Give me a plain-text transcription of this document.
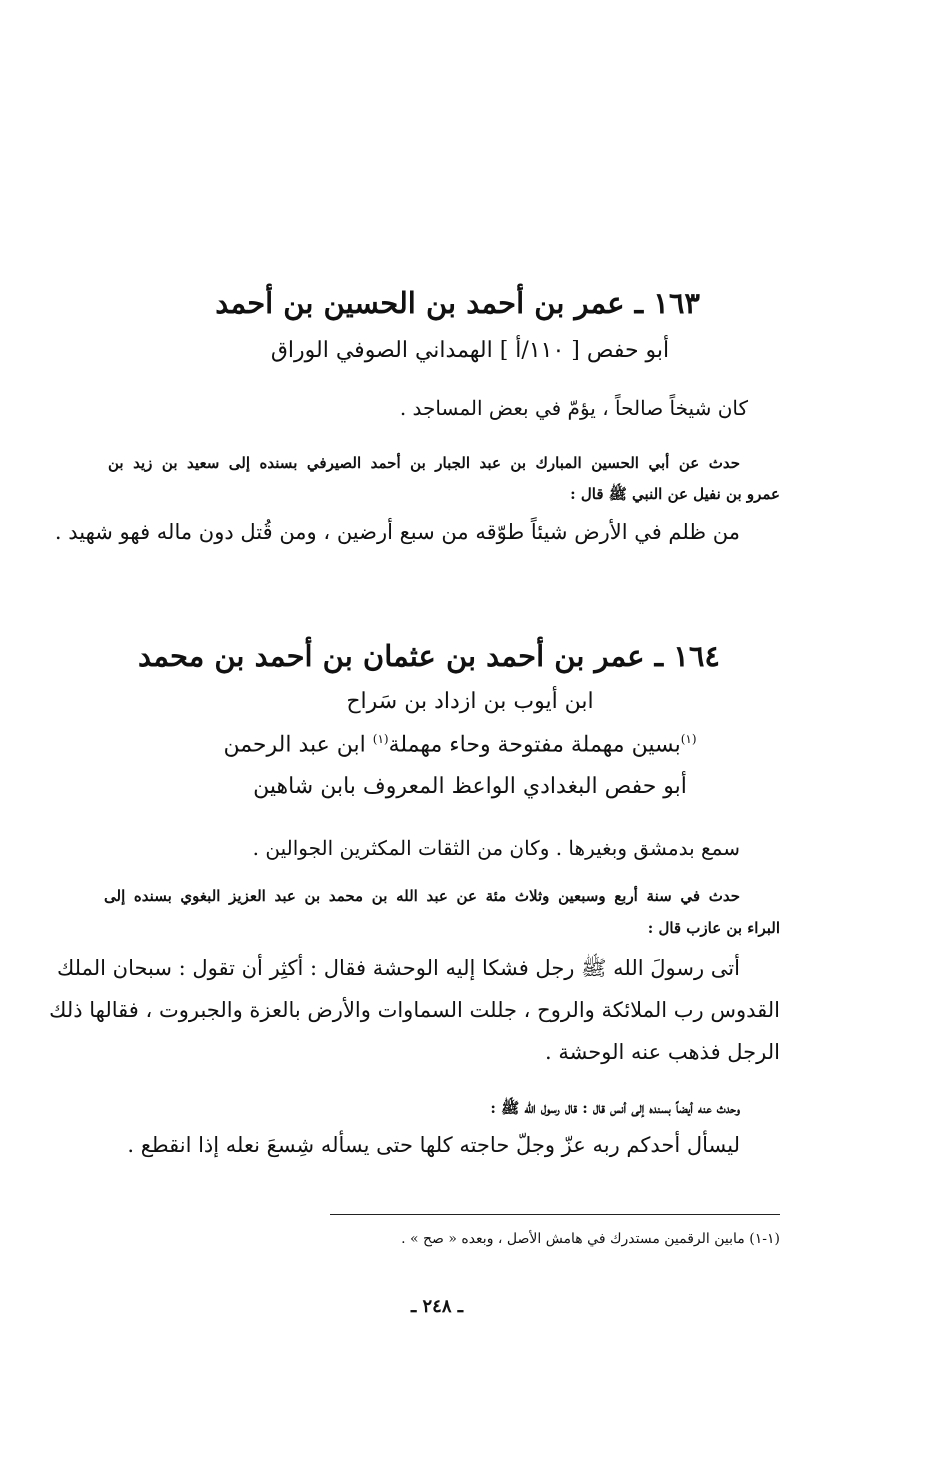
١٦٣ ـ عمر بن أحمد بن الحسين بن أحمد
أبو حفص [ ١١٠/أ ] الهمداني الصوفي الوراق
كان شيخاً صالحاً ، يؤمّ في بعض المساجد .
حدث عن أبي الحسين المبارك بن عبد الجبار بن أحمد الصيرفي بسنده إلى سعيد بن زيد بن
عمرو بن نفيل عن النبي ﷺ قال :
من ظلم في الأرض شيئاً طوّقه من سبع أرضين ، ومن قُتل دون ماله فهو شهيد .
١٦٤ ـ عمر بن أحمد بن عثمان بن أحمد بن محمد
ابن أيوب بن ازداد بن سَراح
$^{(١)}$بسين مهملة مفتوحة وحاء مهملة$^{(١)}$ ابن عبد الرحمن
أبو حفص البغدادي الواعظ المعروف بابن شاهين
سمع بدمشق وبغيرها . وكان من الثقات المكثرين الجوالين .
حدث في سنة أربع وسبعين وثلاث مئة عن عبد الله بن محمد بن عبد العزيز البغوي بسنده إلى
البراء بن عازب قال :
أتى رسولَ الله ﷺ رجل فشكا إليه الوحشة فقال : أكثِر أن تقول : سبحان الملك
القدوس رب الملائكة والروح ، جللت السماوات والأرض بالعزة والجبروت ، فقالها ذلك
الرجل فذهب عنه الوحشة .
وحدث عنه أيضاً بسنده إلى أنس قال : قال رسول الله ﷺ :
ليسأل أحدكم ربه عزّ وجلّ حاجته كلها حتى يسأله شِسعَ نعله إذا انقطع .
(١-١) مابين الرقمين مستدرك في هامش الأصل ، وبعده « صح » .
ـ ٢٤٨ ـ
